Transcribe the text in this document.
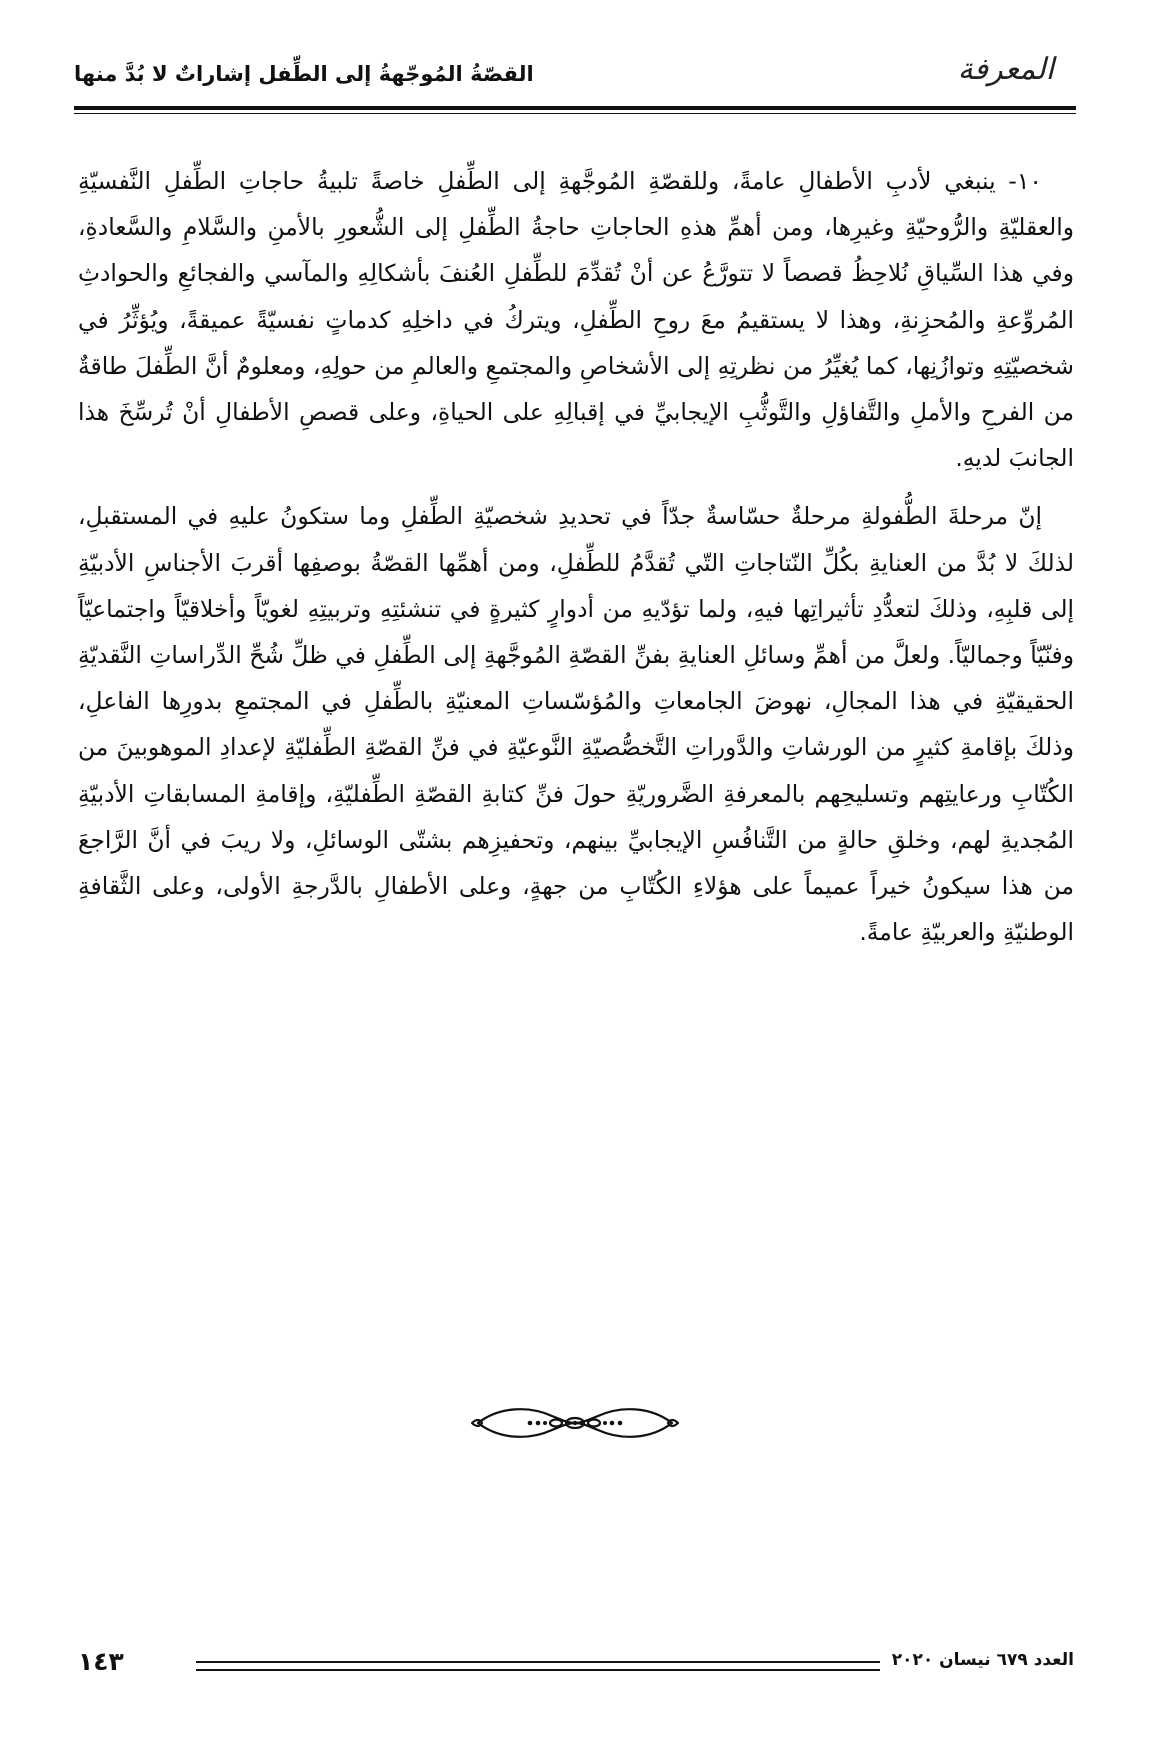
المعرفة
القصّةُ المُوجّهةُ إلى الطِّفل إشاراتٌ لا بُدَّ منها

١٠- ينبغي لأدبِ الأطفالِ عامةً، وللقصّةِ المُوجَّهةِ إلى الطِّفلِ خاصةً تلبيةُ حاجاتِ الطِّفلِ النَّفسيّةِ والعقليّةِ والرُّوحيّةِ وغيرِها، ومن أهمِّ هذهِ الحاجاتِ حاجةُ الطِّفلِ إلى الشُّعورِ بالأمنِ والسَّلامِ والسَّعادةِ، وفي هذا السِّياقِ نُلاحِظُ قصصاً لا تتورَّعُ عن أنْ تُقدِّمَ للطِّفلِ العُنفَ بأشكالِهِ والمآسي والفجائعِ والحوادثِ المُروِّعةِ والمُحزِنةِ، وهذا لا يستقيمُ معَ روحِ الطِّفلِ، ويتركُ في داخلِهِ كدماتٍ نفسيّةً عميقةً، ويُؤثِّرُ في شخصيّتِهِ وتوازُنِها، كما يُغيِّرُ من نظرتِهِ إلى الأشخاصِ والمجتمعِ والعالمِ من حولِهِ، ومعلومٌ أنَّ الطِّفلَ طاقةٌ من الفرحِ والأملِ والتَّفاؤلِ والتَّوثُّبِ الإيجابيِّ في إقبالِهِ على الحياةِ، وعلى قصصِ الأطفالِ أنْ تُرسِّخَ هذا الجانبَ لديهِ.

إنّ مرحلةَ الطُّفولةِ مرحلةٌ حسّاسةٌ جدّاً في تحديدِ شخصيّةِ الطِّفلِ وما ستكونُ عليهِ في المستقبلِ، لذلكَ لا بُدَّ من العنايةِ بكُلِّ النّتاجاتِ التّي تُقدَّمُ للطِّفلِ، ومن أهمِّها القصّةُ بوصفِها أقربَ الأجناسِ الأدبيّةِ إلى قلبِهِ، وذلكَ لتعدُّدِ تأثيراتِها فيهِ، ولما تؤدّيهِ من أدوارٍ كثيرةٍ في تنشئتِهِ وتربيتِهِ لغويّاً وأخلاقيّاً واجتماعيّاً وفنّيّاً وجماليّاً. ولعلَّ من أهمِّ وسائلِ العنايةِ بفنِّ القصّةِ المُوجَّهةِ إلى الطِّفلِ في ظلِّ شُحِّ الدِّراساتِ النَّقديّةِ الحقيقيّةِ في هذا المجالِ، نهوضَ الجامعاتِ والمُؤسّساتِ المعنيّةِ بالطِّفلِ في المجتمعِ بدورِها الفاعلِ، وذلكَ بإقامةِ كثيرٍ من الورشاتِ والدَّوراتِ التَّخصُّصيّةِ النَّوعيّةِ في فنِّ القصّةِ الطِّفليّةِ لإعدادِ الموهوبينَ من الكُتّابِ ورعايتِهم وتسليحِهم بالمعرفةِ الضَّروريّةِ حولَ فنِّ كتابةِ القصّةِ الطِّفليّةِ، وإقامةِ المسابقاتِ الأدبيّةِ المُجديةِ لهم، وخلقِ حالةٍ من التَّنافُسِ الإيجابيِّ بينهم، وتحفيزِهم بشتّى الوسائلِ، ولا ريبَ في أنَّ الرَّاجعَ من هذا سيكونُ خيراً عميماً على هؤلاءِ الكُتّابِ من جهةٍ، وعلى الأطفالِ بالدَّرجةِ الأولى، وعلى الثَّقافةِ الوطنيّةِ والعربيّةِ عامةً.

١٤٣	العدد ٦٧٩ نيسان ٢٠٢٠
